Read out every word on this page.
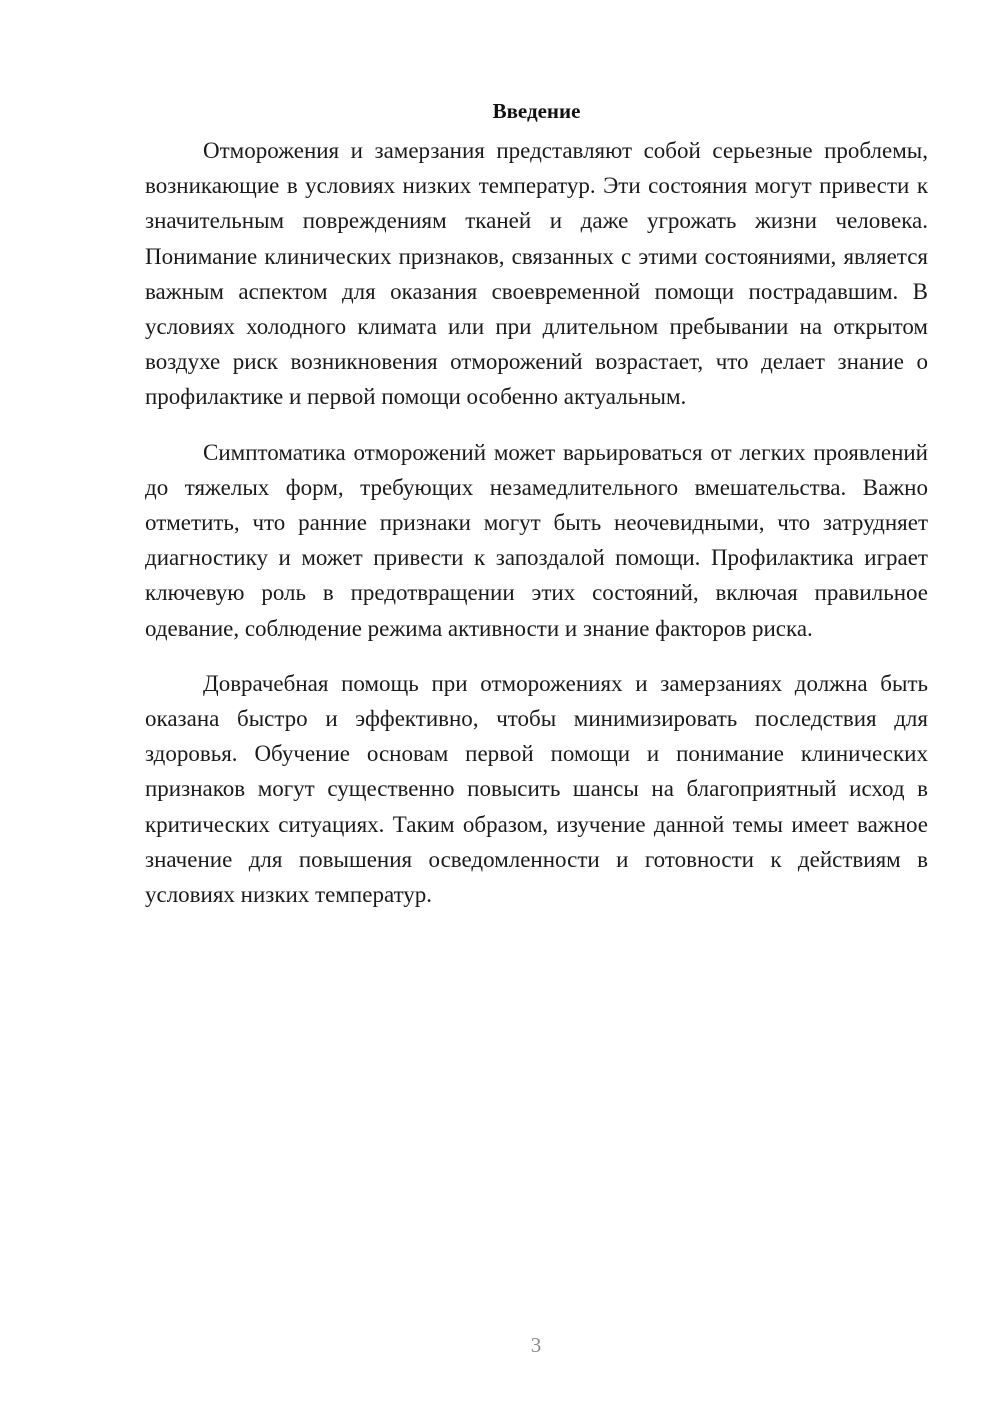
Введение

Отморожения и замерзания представляют собой серьезные проблемы, возникающие в условиях низких температур. Эти состояния могут привести к значительным повреждениям тканей и даже угрожать жизни человека. Понимание клинических признаков, связанных с этими состояниями, является важным аспектом для оказания своевременной помощи пострадавшим. В условиях холодного климата или при длительном пребывании на открытом воздухе риск возникновения отморожений возрастает, что делает знание о профилактике и первой помощи особенно актуальным.

Симптоматика отморожений может варьироваться от легких проявлений до тяжелых форм, требующих незамедлительного вмешательства. Важно отметить, что ранние признаки могут быть неочевидными, что затрудняет диагностику и может привести к запоздалой помощи. Профилактика играет ключевую роль в предотвращении этих состояний, включая правильное одевание, соблюдение режима активности и знание факторов риска.

Доврачебная помощь при отморожениях и замерзаниях должна быть оказана быстро и эффективно, чтобы минимизировать последствия для здоровья. Обучение основам первой помощи и понимание клинических признаков могут существенно повысить шансы на благоприятный исход в критических ситуациях. Таким образом, изучение данной темы имеет важное значение для повышения осведомленности и готовности к действиям в условиях низких температур.

3
